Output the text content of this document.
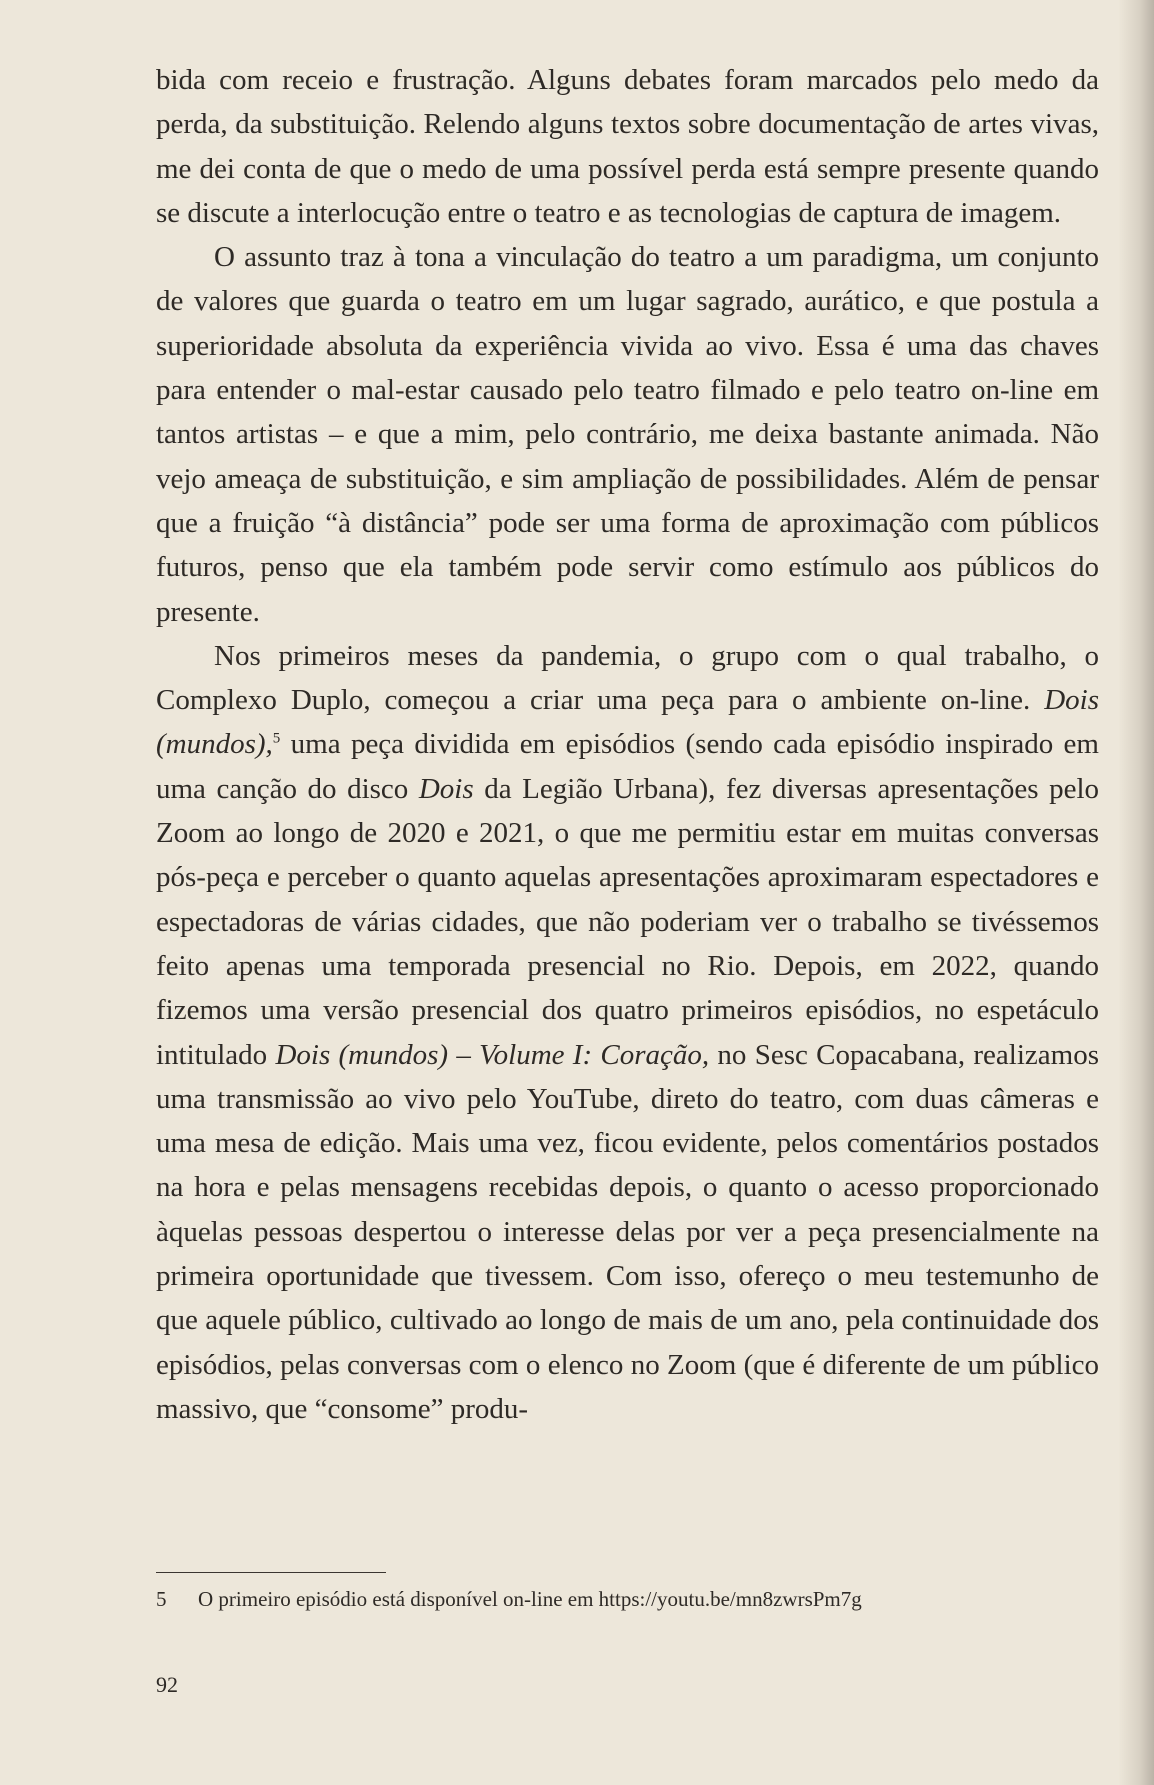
bida com receio e frustração. Alguns debates foram marcados pelo medo da perda, da substituição. Relendo alguns textos sobre documentação de artes vivas, me dei conta de que o medo de uma possível perda está sempre presente quando se discute a interlocução entre o teatro e as tecnologias de captura de imagem.

O assunto traz à tona a vinculação do teatro a um paradigma, um conjunto de valores que guarda o teatro em um lugar sagrado, aurático, e que postula a superioridade absoluta da experiência vivida ao vivo. Essa é uma das chaves para entender o mal-estar causado pelo teatro filmado e pelo teatro on-line em tantos artistas – e que a mim, pelo contrário, me deixa bastante animada. Não vejo ameaça de substituição, e sim ampliação de possibilidades. Além de pensar que a fruição “à distância” pode ser uma forma de aproximação com públicos futuros, penso que ela também pode servir como estímulo aos públicos do presente.

Nos primeiros meses da pandemia, o grupo com o qual trabalho, o Complexo Duplo, começou a criar uma peça para o ambiente on-line. Dois (mundos),$^5$ uma peça dividida em episódios (sendo cada episódio inspirado em uma canção do disco Dois da Legião Urbana), fez diversas apresentações pelo Zoom ao longo de 2020 e 2021, o que me permitiu estar em muitas conversas pós-peça e perceber o quanto aquelas apresentações aproximaram espectadores e espectadoras de várias cidades, que não poderiam ver o trabalho se tivéssemos feito apenas uma temporada presencial no Rio. Depois, em 2022, quando fizemos uma versão presencial dos quatro primeiros episódios, no espetáculo intitulado Dois (mundos) – Volume I: Coração, no Sesc Copacabana, realizamos uma transmissão ao vivo pelo YouTube, direto do teatro, com duas câmeras e uma mesa de edição. Mais uma vez, ficou evidente, pelos comentários postados na hora e pelas mensagens recebidas depois, o quanto o acesso proporcionado àquelas pessoas despertou o interesse delas por ver a peça presencialmente na primeira oportunidade que tivessem. Com isso, ofereço o meu testemunho de que aquele público, cultivado ao longo de mais de um ano, pela continuidade dos episódios, pelas conversas com o elenco no Zoom (que é diferente de um público massivo, que “consome” produ-

5 O primeiro episódio está disponível on-line em https://youtu.be/mn8zwrsPm7g
92
